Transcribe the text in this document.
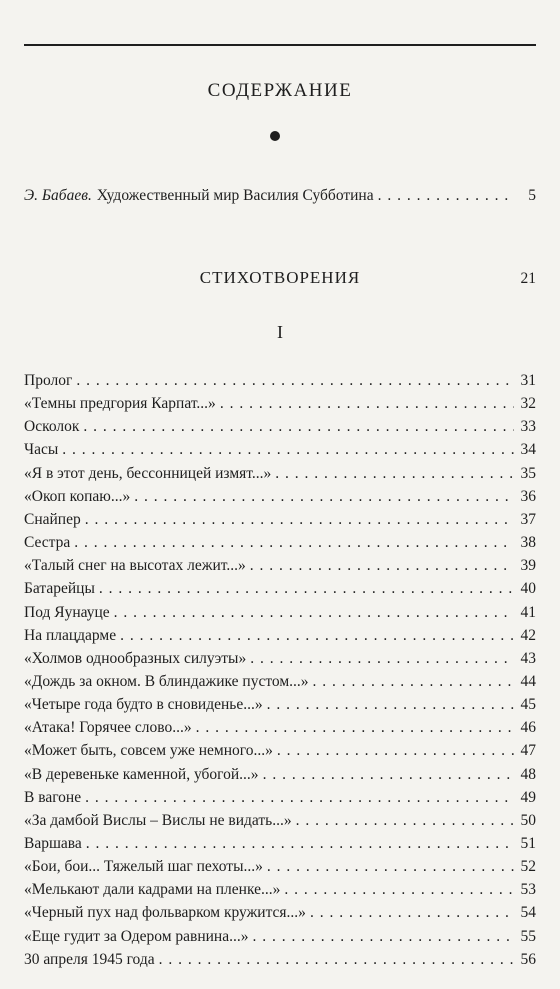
СОДЕРЖАНИЕ
Э. Бабаев. Художественный мир Василия Субботина . . .	5
СТИХОТВОРЕНИЯ	21
I
Пролог . . .	31
«Темны предгория Карпат...» . . .	32
Осколок . . .	33
Часы . . .	34
«Я в этот день, бессонницей измят...» . . .	35
«Окоп копаю...» . . .	36
Снайпер . . .	37
Сестра . . .	38
«Талый снег на высотах лежит...» . . .	39
Батарейцы . . .	40
Под Яунауце . . .	41
На плацдарме . . .	42
«Холмов однообразных силуэты» . . .	43
«Дождь за окном. В блиндажике пустом...» . . .	44
«Четыре года будто в сновиденье...» . . .	45
«Атака! Горячее слово...» . . .	46
«Может быть, совсем уже немного...» . . .	47
«В деревеньке каменной, убогой...» . . .	48
В вагоне . . .	49
«За дамбой Вислы – Вислы не видать...» . . .	50
Варшава . . .	51
«Бои, бои... Тяжелый шаг пехоты...» . . .	52
«Мелькают дали кадрами на пленке...» . . .	53
«Черный пух над фольварком кружится...» . . .	54
«Еще гудит за Одером равнина...» . . .	55
30 апреля 1945 года . . .	56
